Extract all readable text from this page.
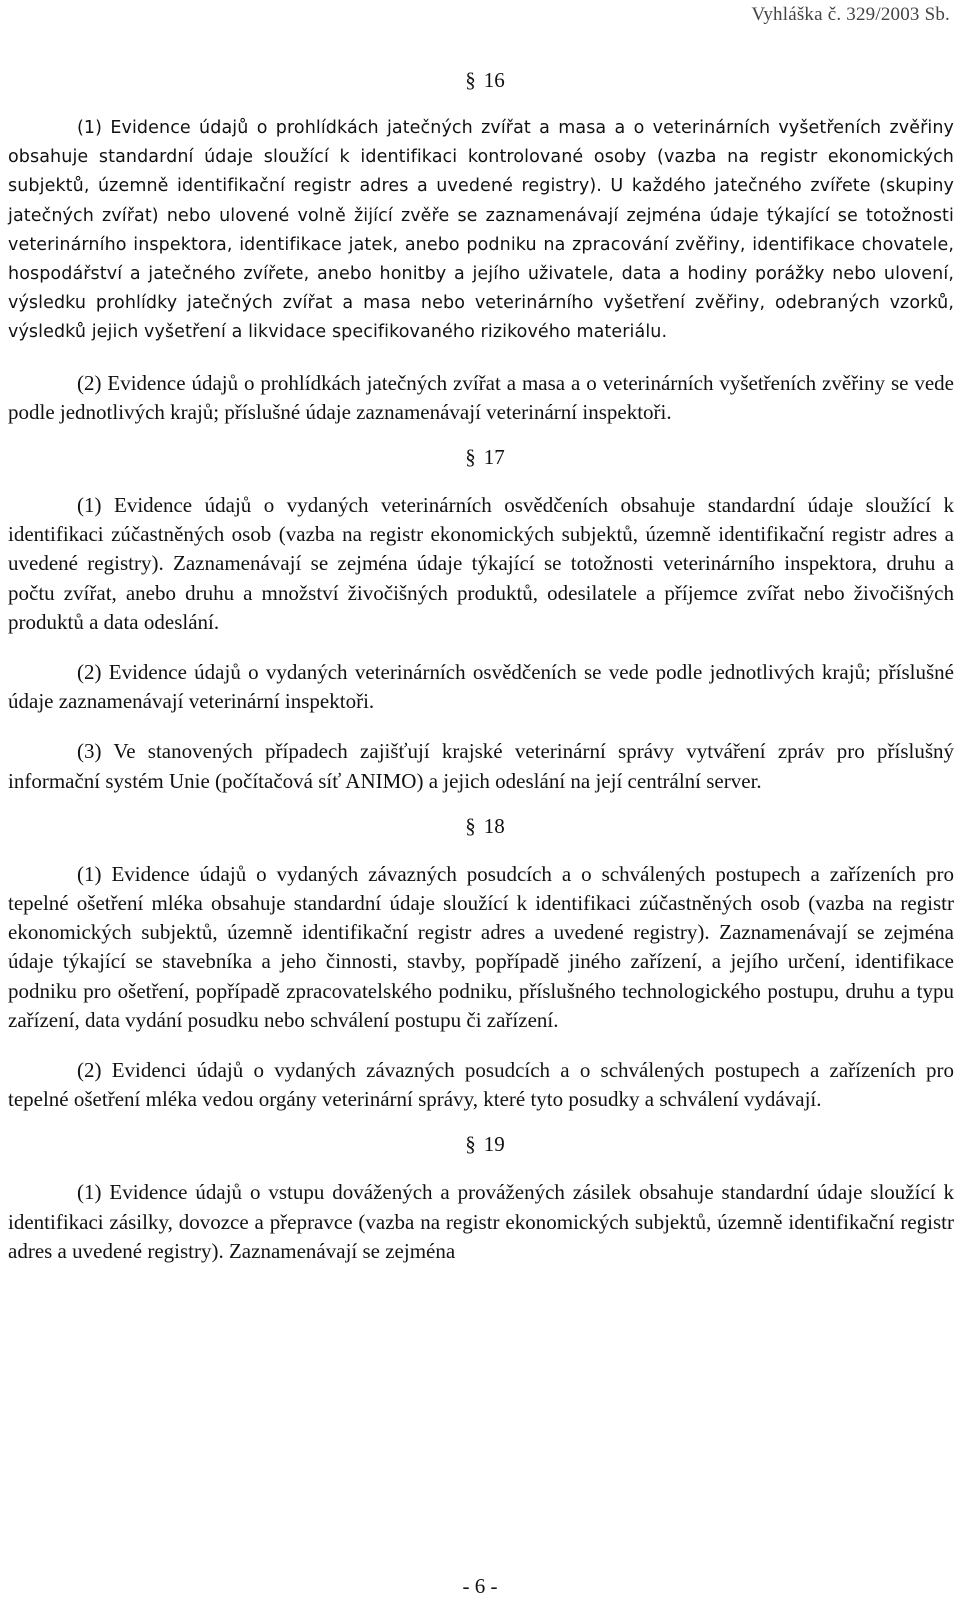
Vyhláška č. 329/2003 Sb.
§ 16

(1) Evidence údajů o prohlídkách jatečných zvířat a masa a o veterinárních vyšetřeních zvěřiny obsahuje standardní údaje sloužící k identifikaci kontrolované osoby (vazba na registr ekonomických subjektů, územně identifikační registr adres a uvedené registry). U každého jatečného zvířete (skupiny jatečných zvířat) nebo ulovené volně žijící zvěře se zaznamenávají zejména údaje týkající se totožnosti veterinárního inspektora, identifikace jatek, anebo podniku na zpracování zvěřiny, identifikace chovatele, hospodářství a jatečného zvířete, anebo honitby a jejího uživatele, data a hodiny porážky nebo ulovení, výsledku prohlídky jatečných zvířat a masa nebo veterinárního vyšetření zvěřiny, odebraných vzorků, výsledků jejich vyšetření a likvidace specifikovaného rizikového materiálu.

(2) Evidence údajů o prohlídkách jatečných zvířat a masa a o veterinárních vyšetřeních zvěřiny se vede podle jednotlivých krajů; příslušné údaje zaznamenávají veterinární inspektoři.

§ 17

(1) Evidence údajů o vydaných veterinárních osvědčeních obsahuje standardní údaje sloužící k identifikaci zúčastněných osob (vazba na registr ekonomických subjektů, územně identifikační registr adres a uvedené registry). Zaznamenávají se zejména údaje týkající se totožnosti veterinárního inspektora, druhu a počtu zvířat, anebo druhu a množství živočišných produktů, odesilatele a příjemce zvířat nebo živočišných produktů a data odeslání.

(2) Evidence údajů o vydaných veterinárních osvědčeních se vede podle jednotlivých krajů; příslušné údaje zaznamenávají veterinární inspektoři.

(3) Ve stanovených případech zajišťují krajské veterinární správy vytváření zpráv pro příslušný informační systém Unie (počítačová síť ANIMO) a jejich odeslání na její centrální server.

§ 18

(1) Evidence údajů o vydaných závazných posudcích a o schválených postupech a zařízeních pro tepelné ošetření mléka obsahuje standardní údaje sloužící k identifikaci zúčastněných osob (vazba na registr ekonomických subjektů, územně identifikační registr adres a uvedené registry). Zaznamenávají se zejména údaje týkající se stavebníka a jeho činnosti, stavby, popřípadě jiného zařízení, a jejího určení, identifikace podniku pro ošetření, popřípadě zpracovatelského podniku, příslušného technologického postupu, druhu a typu zařízení, data vydání posudku nebo schválení postupu či zařízení.

(2) Evidenci údajů o vydaných závazných posudcích a o schválených postupech a zařízeních pro tepelné ošetření mléka vedou orgány veterinární správy, které tyto posudky a schválení vydávají.

§ 19

(1) Evidence údajů o vstupu dovážených a provážených zásilek obsahuje standardní údaje sloužící k identifikaci zásilky, dovozce a přepravce (vazba na registr ekonomických subjektů, územně identifikační registr adres a uvedené registry). Zaznamenávají se zejména

- 6 -
